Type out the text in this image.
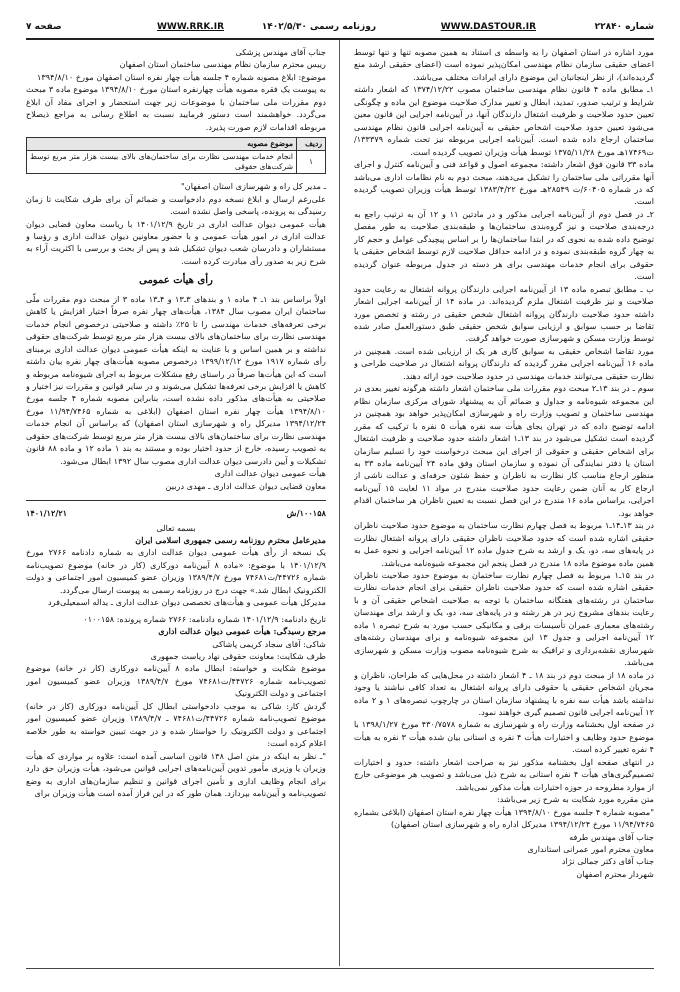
شماره ۲۲۸۴۰
WWW.DASTOUR.IR
روزنامه رسمی ۱۴۰۲/۵/۳۰
WWW.RRK.IR
صفحه ۷

مورد اشاره در استان اصفهان را به واسطه ی استناد به همین مصوبه تنها و تنها توسط اعضای حقیقی سازمان نظام مهندسی امکان‌پذیر نموده است (اعضای حقیقی ارشد منع گردیده‌اند)، از نظر اینجانبان این موضوع دارای ایرادات مختلف می‌باشد.

۱ـ مطابق ماده ۴ قانون نظام مهندسی ساختمان مصوب ۱۳۷۴/۱۲/۲۲ که اشعار داشته شرایط و ترتیب صدور، تمدید، ابطال و تغییر مدارک صلاحیت موضوع این ماده و چگونگی تعیین حدود صلاحیت و ظرفیت اشتغال دارندگان آنها، در آیین‌نامه اجرایی این قانون معین می‌شود تعیین حدود صلاحیت اشخاص حقیقی به آیین‌نامه اجرایی قانون نظام مهندسی ساختمان ارجاع داده شده است. آیین‌نامه اجرایی مربوطه نیز تحت شماره ۱۳۳۳۷۹/ت۱۷۴۶۹هـ مورخ ۱۳۷۵/۱۱/۲۸ توسط هیأت وزیران تصویب گردیده است.

ماده ۳۳ قانون فوق اشعار داشته: مجموعه اصول و قواعد فنی و آیین‌نامه کنترل و اجرای آنها مقرراتی ملی ساختمان را تشکیل می‌دهند، مبحث دوم به نام نظامات اداری می‌باشد که در شماره ۶۰۴۰۵/ت ۲۸۵۴۹هـ مورخ ۱۳۸۳/۴/۲۲ توسط هیأت وزیران تصویب گردیده است.

۲ـ در فصل دوم از آیین‌نامه اجرایی مذکور و در مادتین ۱۱ و ۱۲ آن به ترتیب راجع به درجه‌بندی صلاحیت و نیز گروه‌بندی ساختمان‌ها و طبقه‌بندی صلاحیت به طور مفصل توضیح داده شده به نحوی که در ابتدا ساختمان‌ها را بر اساس پیچیدگی عوامل و حجم کار به چهار گروه طبقه‌بندی نموده و در ادامه حداقل صلاحیت لازم توسط اشخاص حقیقی یا حقوقی برای انجام خدمات مهندسی برای هر دسته در جدول مربوطه عنوان گردیده است.

ب ـ مطابق تبصره ماده ۱۳ از آیین‌نامه اجرایی دارندگان پروانه اشتغال به رعایت حدود صلاحیت و نیز ظرفیت اشتغال ملزم گردیده‌اند. در ماده ۱۴ از آیین‌نامه اجرایی اشعار داشته حدود صلاحیت دارندگان پروانه اشتغال شخص حقیقی در رشته و تخصص مورد تقاضا بر حسب سوابق و ارزیابی سوابق شخص حقیقی طبق دستورالعمل صادر شده توسط وزارت مسکن و شهرسازی صورت خواهد گرفت.

مورد تقاضا اشخاص حقیقی به سوابق کاری هر یک از ارزیابی شده است. همچنین در ماده ۱۶ آیین‌نامه اجرایی مقرر گردیده که دارندگان پروانه اشتغال در صلاحیت طراحی و نظارت حقیقی می‌توانند خدمات مهندسی در حدود صلاحیت خود ارائه دهند.

سوم ـ در بند ۱۳ـ۲ مبحث دوم مقررات ملی ساختمان اشعار داشته هرگونه تغییر بعدی در این مجموعه شیوه‌نامه و جداول و ضمائم آن به پیشنهاد شورای مرکزی سازمان نظام مهندسی ساختمان و تصویب وزارت راه و شهرسازی امکان‌پذیر خواهد بود همچنین در ادامه توضیح داده که در تهران بجای هیأت سه نفره هیأت ۵ نفره با ترکیب که مقرر گردیده است تشکیل می‌شود در بند ۱۳ـ۱ اشعار داشته حدود صلاحیت و ظرفیت اشتغال برای اشخاص حقیقی و حقوقی از اجرای این مبحث درخواست خود را تسلیم سازمان استان یا دفتر نمایندگی آن نموده و سازمان استان وفق ماده ۲۴ آیین‌نامه ماده ۳۳ به منظور ارجاع مناسب کار نظارت به ناظران و حفظ شئون حرفه‌ای و عدالت ناشی از ارجاع کار به آنان ضمن رعایت حدود صلاحیت مندرج در مواد ۱۱ لغایت ۱۵ آیین‌نامه اجرایی، براساس ماده ۱۶ مندرج در این فصل نسبت به تعیین ناظران هر ساختمان اقدام خواهد بود.

در بند ۱۳ـ۱۴ـ۱ مربوط به فصل چهارم نظارت ساختمان به موضوع حدود صلاحیت ناظران حقیقی اشاره شده است که حدود صلاحیت ناظران حقیقی دارای پروانه اشتغال نظارت در پایه‌های سه، دو، یک و ارشد به شرح جدول ماده ۱۲ آیین‌نامه اجرایی و نحوه عمل به همین ماده موضوع ماده ۱۸ مندرج در فصل پنجم این مجموعه شیوه‌نامه می‌باشد.

در بند ۱۵ـ۱ مربوط به فصل چهارم نظارت ساختمان به موضوع حدود صلاحیت ناظران حقیقی اشاره شده است که حدود صلاحیت ناظران حقیقی برای انجام خدمات نظارت ساختمان در رشته‌های هفتگانه ساختمان با توجه به صلاحیت اشخاص حقیقی آن و با رعایت بندهای مشروح زیر در هر رشته و در پایه‌های سه، دو، یک و ارشد برای مهندسان رشته‌های معماری عمران تأسیسات برقی و مکانیکی حسب مورد به شرح تبصره ۱ ماده ۱۲ آیین‌نامه اجرایی و جدول ۱۳ این مجموعه شیوه‌نامه و برای مهندسان رشته‌های شهرسازی نقشه‌برداری و ترافیک به شرح شیوه‌نامه مصوب وزارت مسکن و شهرسازی می‌باشد.

در ماده ۱۸ از مبحث دوم در بند ۱۸ ـ ۴ اشعار داشته در محل‌هایی که طراحان، ناظران و مجریان اشخاص حقیقی یا حقوقی دارای پروانه اشتغال به تعداد کافی نباشند یا وجود نداشته باشد هیأت سه نفره با پیشنهاد سازمان استان در چارچوب تبصره‌های ۱ و ۲ ماده ۱۲ آیین‌نامه اجرایی قانون تصمیم گیری خواهند نمود.

در صفحه اول بخشنامه وزارت راه و شهرسازی به شماره ۴۳۰/۷۵۷۸ مورخ ۱۳۹۸/۱/۲۷ با موضوع حدود وظایف و اختیارات هیأت ۴ نفره ی استانی بیان شده هیأت ۳ نفره به هیأت ۴ نفره تغییر کرده است.

در انتهای صفحه اول بخشنامه مذکور نیز به صراحت اشعار داشته: حدود و اختیارات تصمیم‌گیری‌های هیأت ۴ نفره استانی به شرح ذیل می‌باشد و تصویب هر موضوعی خارج از موارد مطروحه در حوزه اختیارات هیأت مذکور نمی‌باشد.

متن مقرره مورد شکایت به شرح زیر می‌باشد:

"مصوبه شماره ۴ جلسه مورخ ۱۳۹۴/۸/۱۰ هیأت چهار نفره استان اصفهان (ابلاغی بشماره ۱۱/۹۴/۷۴۶۵ مورخ ۱۳۹۴/۱۲/۲۴ مدیرکل اداره راه و شهرسازی استان اصفهان)

جناب آقای مهندس طرفه

معاون محترم امور عمرانی استانداری

جناب آقای دکتر جمالی نژاد

شهردار محترم اصفهان

جناب آقای مهندس پزشکی

رییس محترم سازمان نظام مهندسی ساختمان استان اصفهان

موضوع: ابلاغ مصوبه شماره ۴ جلسه هیأت چهار نفره استان اصفهان مورخ ۱۳۹۴/۸/۱۰

به پیوست یک فقره مصوبه هیأت چهارنفره استان مورخ ۱۳۹۴/۸/۱۰ موضوع ماده ۳ مبحث دوم مقررات ملی ساختمان با موضوعات زیر جهت استحضار و اجرای مفاد آن ابلاغ می‌گردد. خواهشمند است دستور فرمایید نسبت به اطلاع رسانی به مراجع ذیصلاح مربوطه اقدامات لازم صورت پذیرد.

ردیف	موضوع مصوبه
۱	انجام خدمات مهندسی نظارت برای ساختمان‌های بالای بیست هزار متر مربع توسط شرکت‌های حقوقی

ـ مدیر کل راه و شهرسازی استان اصفهان"

علی‌رغم ارسال و ابلاغ نسخه دوم دادخواست و ضمائم آن برای طرف شکایت تا زمان رسیدگی به پرونده، پاسخی واصل نشده است.

هیأت عمومی دیوان عدالت اداری در تاریخ ۱۴۰۱/۱۲/۹ با ریاست معاون قضایی دیوان عدالت اداری در امور هیأت عمومی و با حضور معاونین دیوان عدالت اداری و رؤسا و مستشاران و دادرسان شعب دیوان تشکیل شد و پس از بحث و بررسی با اکثریت آراء به شرح زیر به صدور رأی مبادرت کرده است.

رأی هیأت عمومی

اولاً براساس بند ۱ـ ۴ ماده ۱ و بندهای ۳ـ۱۳ و ۴ـ۱۳ ماده ۳ از مبحث دوم مقررات ملّی ساختمان ایران مصوب سال ۱۳۸۴، هیأت‌های چهار نفره صرفاً اختیار افزایش یا کاهش برخی تعرفه‌های خدمات مهندسی را تا ۲۵٪ داشته و صلاحیتی درخصوص انجام خدمات مهندسی نظارت برای ساختمان‌های بالای بیست هزار متر مربع توسط شرکت‌های حقوقی نداشته و بر همین اساس و با عنایت به اینکه هیأت عمومی دیوان عدالت اداری برمبنای رأی شماره ۱۹۱۷ مورخ ۱۳۹۹/۱۲/۱۲ درخصوص مصوبه هیأت‌های چهار نفره بیان داشته است که این هیأت‌ها صرفاً در راستای رفع مشکلات مربوط به اجرای شیوه‌نامه مربوطه و کاهش یا افزایش برخی تعرفه‌ها تشکیل می‌شوند و در سایر قوانین و مقررات نیز اختیار و صلاحیتی به هیأت‌های مذکور داده نشده است، بنابراین مصوبه شماره ۴ جلسه مورخ ۱۳۹۴/۸/۱۰ هیأت چهار نفره استان اصفهان (ابلاغی به شماره ۱۱/۹۴/۷۴۶۵ مورخ ۱۳۹۴/۱۲/۲۴ مدیرکل راه و شهرسازی استان اصفهان) که براساس آن انجام خدمات مهندسی نظارت برای ساختمان‌های بالای بیست هزار متر مربع توسط شرکت‌های حقوقی به تصویب رسیده، خارج از حدود اختیار بوده و مستند به بند ۱ ماده ۱۲ و ماده ۸۸ قانون تشکیلات و آیین دادرسی دیوان عدالت اداری مصوب سال ۱۳۹۲ ابطال می‌شود.

هیأت عمومی دیوان عدالت اداری

معاون قضایی دیوان عدالت اداری ـ مهدی دربین

۱۰۰۱۵۸/ش
۱۴۰۱/۱۲/۲۱

بسمه تعالی

مدیرعامل محترم روزنامه رسمی جمهوری اسلامی ایران

یک نسخه از رأی هیأت عمومی دیوان عدالت اداری به شماره دادنامه ۲۷۶۶ مورخ ۱۴۰۱/۱۲/۹ با موضوع: «ماده ۸ آیین‌نامه دورکاری (کار در خانه) موضوع تصویب‌نامه شماره ۴۴۷۲۶/ت۷۴۶۸۱ مورخ ۱۳۸۹/۴/۷ وزیران عضو کمیسیون امور اجتماعی و دولت الکترونیک ابطال شد.» جهت درج در روزنامه رسمی به پیوست ارسال می‌گردد.

مدیرکل هیأت عمومی و هیأت‌های تخصصی دیوان عدالت اداری ـ یداله اسمعیلی‌فرد

تاریخ دادنامه: ۱۴۰۱/۱۲/۹ شماره دادنامه: ۲۷۶۶ شماره پرونده: ۰۱۰۰۱۵۸

مرجع رسیدگی: هیأت عمومی دیوان عدالت اداری

شاکی: آقای سجاد کریمی پاشاکی

طرف شکایت: معاونت حقوقی نهاد ریاست جمهوری

موضوع شکایت و خواسته: ابطال ماده ۸ آیین‌نامه دورکاری (کار در خانه) موضوع تصویب‌نامه شماره ۴۴۷۲۶/ت۷۴۶۸۱ مورخ ۱۳۸۹/۴/۷ وزیران عضو کمیسیون امور اجتماعی و دولت الکترونیک

گردش کار: شاکی به موجب دادخواستی ابطال کل آیین‌نامه دورکاری (کار در خانه) موضوع تصویب‌نامه شماره ۴۴۷۲۶/ت۷۴۶۸۱ ـ ۱۳۸۹/۴/۷ وزیران عضو کمیسیون امور اجتماعی و دولت الکترونیک را خواستار شده و در جهت تبیین خواسته به طور خلاصه اعلام کرده است:

"ـ نظر به اینکه در متن اصل ۱۳۸ قانون اساسی آمده است: علاوه بر مواردی که هیأت وزیران یا وزیری مأمور تدوین آیین‌نامه‌های اجرایی قوانین می‌شود، هیأت وزیران حق دارد برای انجام وظایف اداری و تأمین اجرای قوانین و تنظیم سازمان‌های اداری به وضع تصویب‌نامه و آیین‌نامه بپردازد. همان طور که در این فراز آمده است هیأت وزیران برای
